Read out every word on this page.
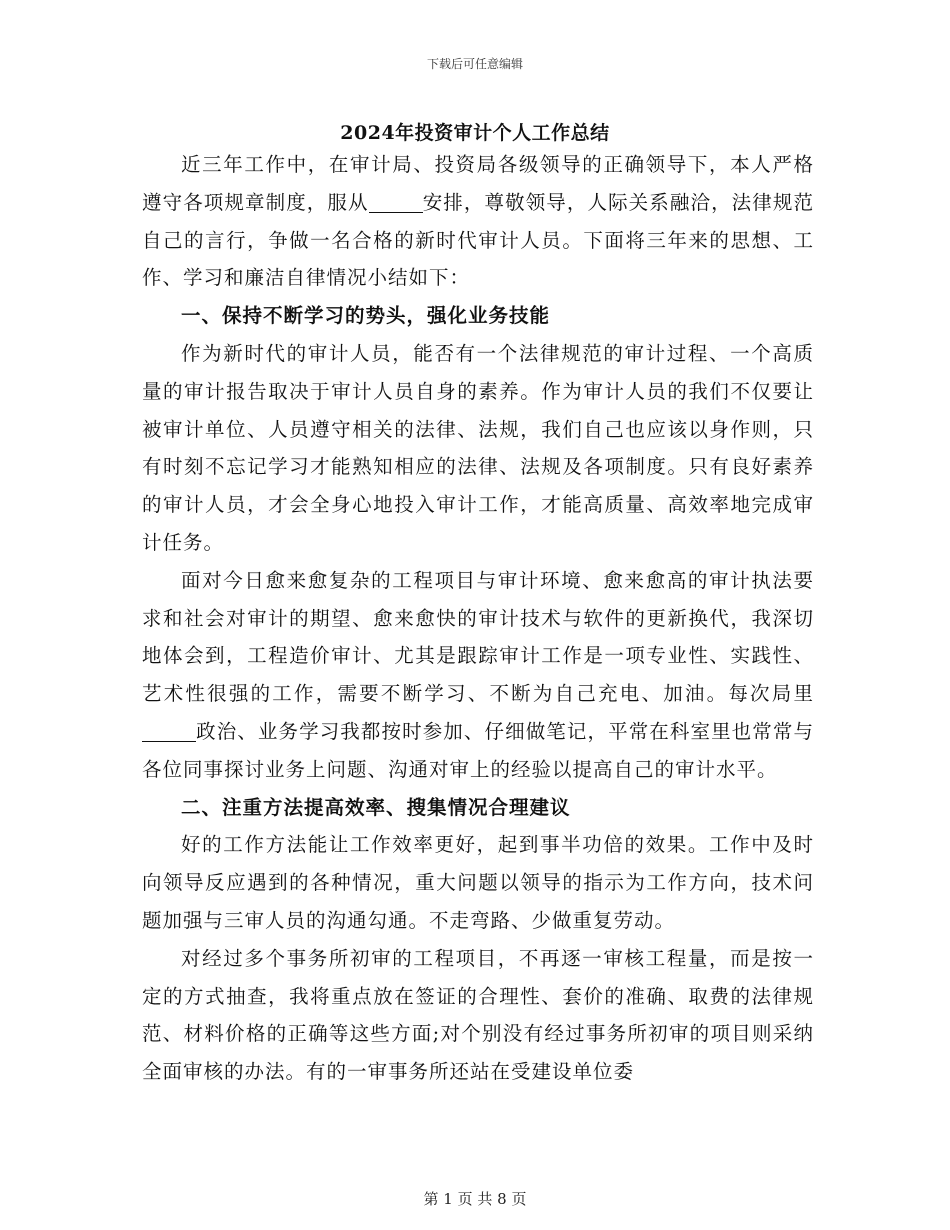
下载后可任意编辑
2024年投资审计个人工作总结

近三年工作中，在审计局、投资局各级领导的正确领导下，本人严格遵守各项规章制度，服从	安排，尊敬领导，人际关系融洽，法律规范自己的言行，争做一名合格的新时代审计人员。下面将三年来的思想、工作、学习和廉洁自律情况小结如下：

一、保持不断学习的势头，强化业务技能

作为新时代的审计人员，能否有一个法律规范的审计过程、一个高质量的审计报告取决于审计人员自身的素养。作为审计人员的我们不仅要让被审计单位、人员遵守相关的法律、法规，我们自己也应该以身作则，只有时刻不忘记学习才能熟知相应的法律、法规及各项制度。只有良好素养的审计人员，才会全身心地投入审计工作，才能高质量、高效率地完成审计任务。

面对今日愈来愈复杂的工程项目与审计环境、愈来愈高的审计执法要求和社会对审计的期望、愈来愈快的审计技术与软件的更新换代，我深切地体会到，工程造价审计、尤其是跟踪审计工作是一项专业性、实践性、艺术性很强的工作，需要不断学习、不断为自己充电、加油。每次局里政治、业务学习我都按时参加、仔细做笔记，平常在科室里也常常与各位同事探讨业务上问题、沟通对审上的经验以提高自己的审计水平。

二、注重方法提高效率、搜集情况合理建议

好的工作方法能让工作效率更好，起到事半功倍的效果。工作中及时向领导反应遇到的各种情况，重大问题以领导的指示为工作方向，技术问题加强与三审人员的沟通勾通。不走弯路、少做重复劳动。

对经过多个事务所初审的工程项目，不再逐一审核工程量，而是按一定的方式抽查，我将重点放在签证的合理性、套价的准确、取费的法律规范、材料价格的正确等这些方面;对个别没有经过事务所初审的项目则采纳全面审核的办法。有的一审事务所还站在受建设单位委

第 1 页 共 8 页
